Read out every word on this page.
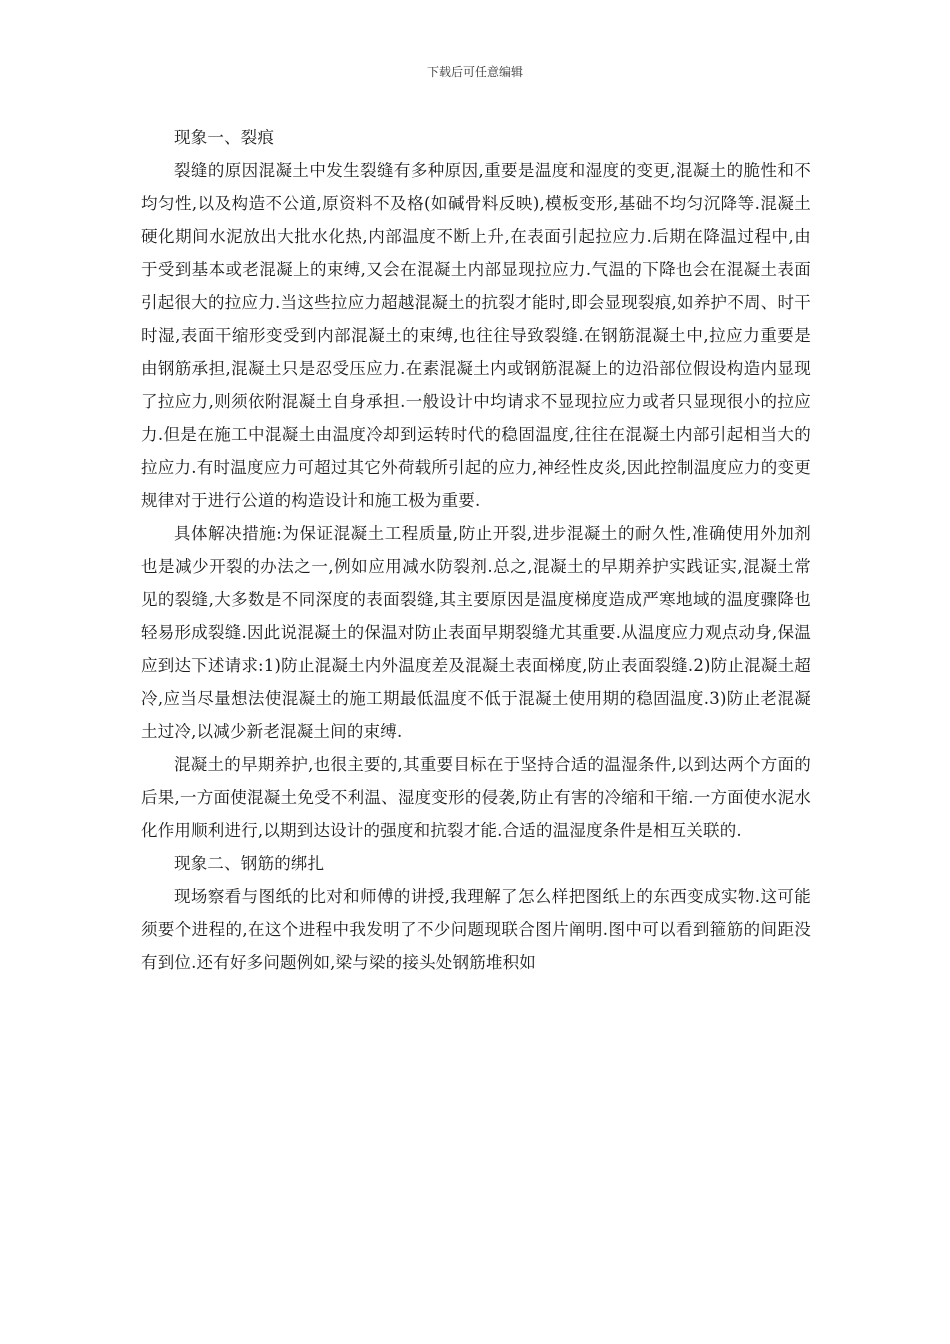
下载后可任意编辑

现象一、裂痕

裂缝的原因混凝土中发生裂缝有多种原因,重要是温度和湿度的变更,混凝土的脆性和不均匀性,以及构造不公道,原资料不及格(如碱骨料反映),模板变形,基础不均匀沉降等.混凝土硬化期间水泥放出大批水化热,内部温度不断上升,在表面引起拉应力.后期在降温过程中,由于受到基本或老混凝上的束缚,又会在混凝土内部显现拉应力.气温的下降也会在混凝土表面引起很大的拉应力.当这些拉应力超越混凝土的抗裂才能时,即会显现裂痕,如养护不周、时干时湿,表面干缩形变受到内部混凝土的束缚,也往往导致裂缝.在钢筋混凝土中,拉应力重要是由钢筋承担,混凝土只是忍受压应力.在素混凝土内或钢筋混凝上的边沿部位假设构造内显现了拉应力,则须依附混凝土自身承担.一般设计中均请求不显现拉应力或者只显现很小的拉应力.但是在施工中混凝土由温度冷却到运转时代的稳固温度,往往在混凝土内部引起相当大的拉应力.有时温度应力可超过其它外荷载所引起的应力,神经性皮炎,因此控制温度应力的变更规律对于进行公道的构造设计和施工极为重要.

具体解决措施:为保证混凝土工程质量,防止开裂,进步混凝土的耐久性,准确使用外加剂也是减少开裂的办法之一,例如应用减水防裂剂.总之,混凝土的早期养护实践证实,混凝土常见的裂缝,大多数是不同深度的表面裂缝,其主要原因是温度梯度造成严寒地域的温度骤降也轻易形成裂缝.因此说混凝土的保温对防止表面早期裂缝尤其重要.从温度应力观点动身,保温应到达下述请求:1)防止混凝土内外温度差及混凝土表面梯度,防止表面裂缝.2)防止混凝土超冷,应当尽量想法使混凝土的施工期最低温度不低于混凝土使用期的稳固温度.3)防止老混凝土过冷,以减少新老混凝土间的束缚.

混凝土的早期养护,也很主要的,其重要目标在于坚持合适的温湿条件,以到达两个方面的后果,一方面使混凝土免受不利温、湿度变形的侵袭,防止有害的冷缩和干缩.一方面使水泥水化作用顺利进行,以期到达设计的强度和抗裂才能.合适的温湿度条件是相互关联的.

现象二、钢筋的绑扎

现场察看与图纸的比对和师傅的讲授,我理解了怎么样把图纸上的东西变成实物.这可能须要个进程的,在这个进程中我发明了不少问题现联合图片阐明.图中可以看到箍筋的间距没有到位.还有好多问题例如,梁与梁的接头处钢筋堆积如
